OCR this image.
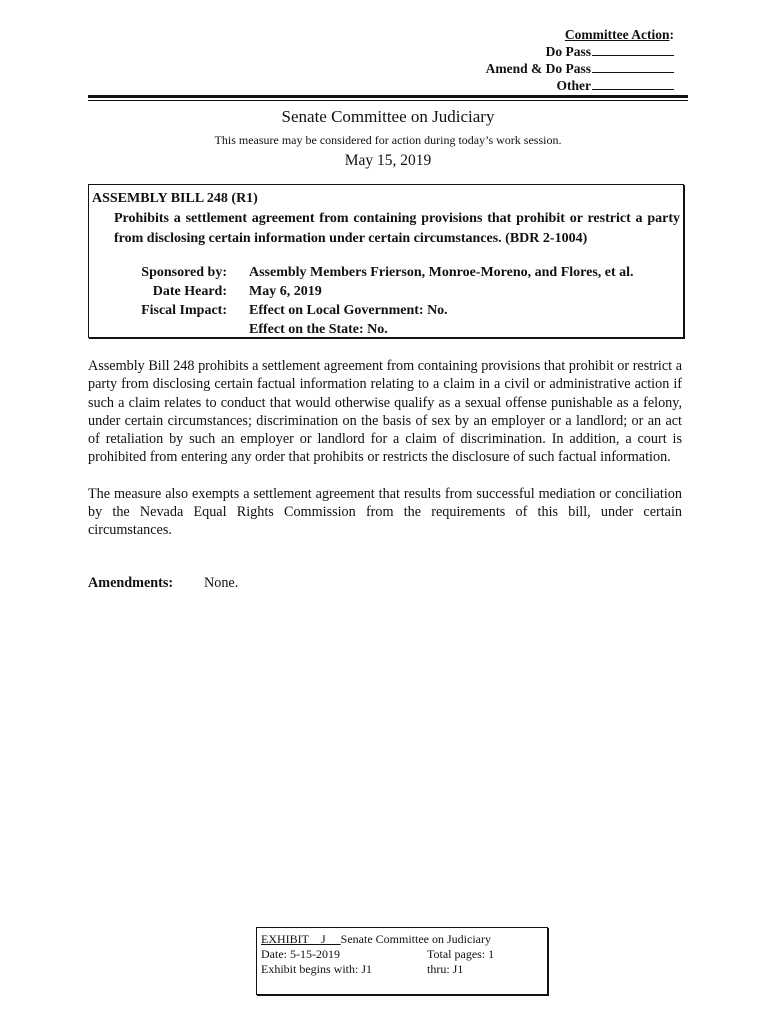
Committee Action :
Do Pass
Amend & Do Pass
Other
Senate Committee on Judiciary
This measure may be considered for action during today’s work session.
May 15, 2019
ASSEMBLY BILL 248 (R1)
Prohibits a settlement agreement from containing provisions that prohibit or restrict a party from disclosing certain information under certain circumstances. (BDR 2-1004)
Sponsored by:	Assembly Members Frierson, Monroe-Moreno, and Flores, et al.
Date Heard:	May 6, 2019
Fiscal Impact:	Effect on Local Government: No.
Effect on the State: No.

Assembly Bill 248 prohibits a settlement agreement from containing provisions that prohibit or restrict a party from disclosing certain factual information relating to a claim in a civil or administrative action if such a claim relates to conduct that would otherwise qualify as a sexual offense punishable as a felony, under certain circumstances; discrimination on the basis of sex by an employer or a landlord; or an act of retaliation by such an employer or landlord for a claim of discrimination. In addition, a court is prohibited from entering any order that prohibits or restricts the disclosure of such factual information.

The measure also exempts a settlement agreement that results from successful mediation or conciliation by the Nevada Equal Rights Commission from the requirements of this bill, under certain circumstances.

Amendments: None.
EXHIBIT	J	Senate Committee on Judiciary
Date: 5-15-2019	Total pages: 1
Exhibit begins with: J1	thru: J1
